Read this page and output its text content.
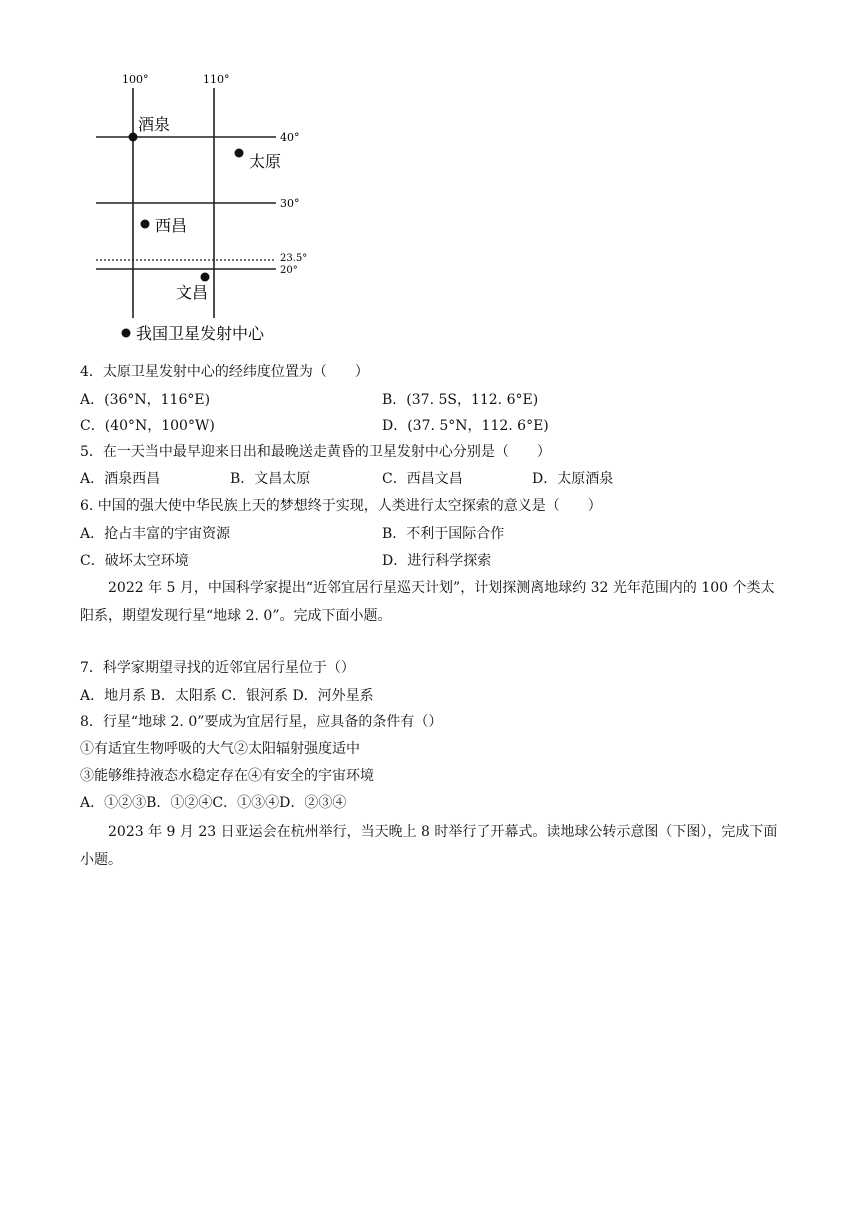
100°	110°
40°
30°
23.5°
20°
酒泉
太原
西昌
文昌
我国卫星发射中心
4．太原卫星发射中心的经纬度位置为（　　）
A．(36°N，116°E)	B．(37. 5S，112. 6°E)
C．(40°N，100°W)	D．(37. 5°N，112. 6°E)
5．在一天当中最早迎来日出和最晚送走黄昏的卫星发射中心分别是（　　）
A．酒泉西昌	B．文昌太原	C．西昌文昌	D．太原酒泉
6. 中国的强大使中华民族上天的梦想终于实现，人类进行太空探索的意义是（　　）
A．抢占丰富的宇宙资源	B．不利于国际合作
C．破坏太空环境	D．进行科学探索
2022 年 5 月，中国科学家提出“近邻宜居行星巡天计划”，计划探测离地球约 32 光年范围内的 100 个类太阳系，期望发现行星“地球 2. 0”。完成下面小题。
7．科学家期望寻找的近邻宜居行星位于（）
A．地月系 B．太阳系 C．银河系 D．河外星系
8．行星“地球 2. 0”要成为宜居行星，应具备的条件有（）
①有适宜生物呼吸的大气②太阳辐射强度适中
③能够维持液态水稳定存在④有安全的宇宙环境
A．①②③B．①②④C．①③④D．②③④
2023 年 9 月 23 日亚运会在杭州举行，当天晚上 8 时举行了开幕式。读地球公转示意图（下图），完成下面小题。
